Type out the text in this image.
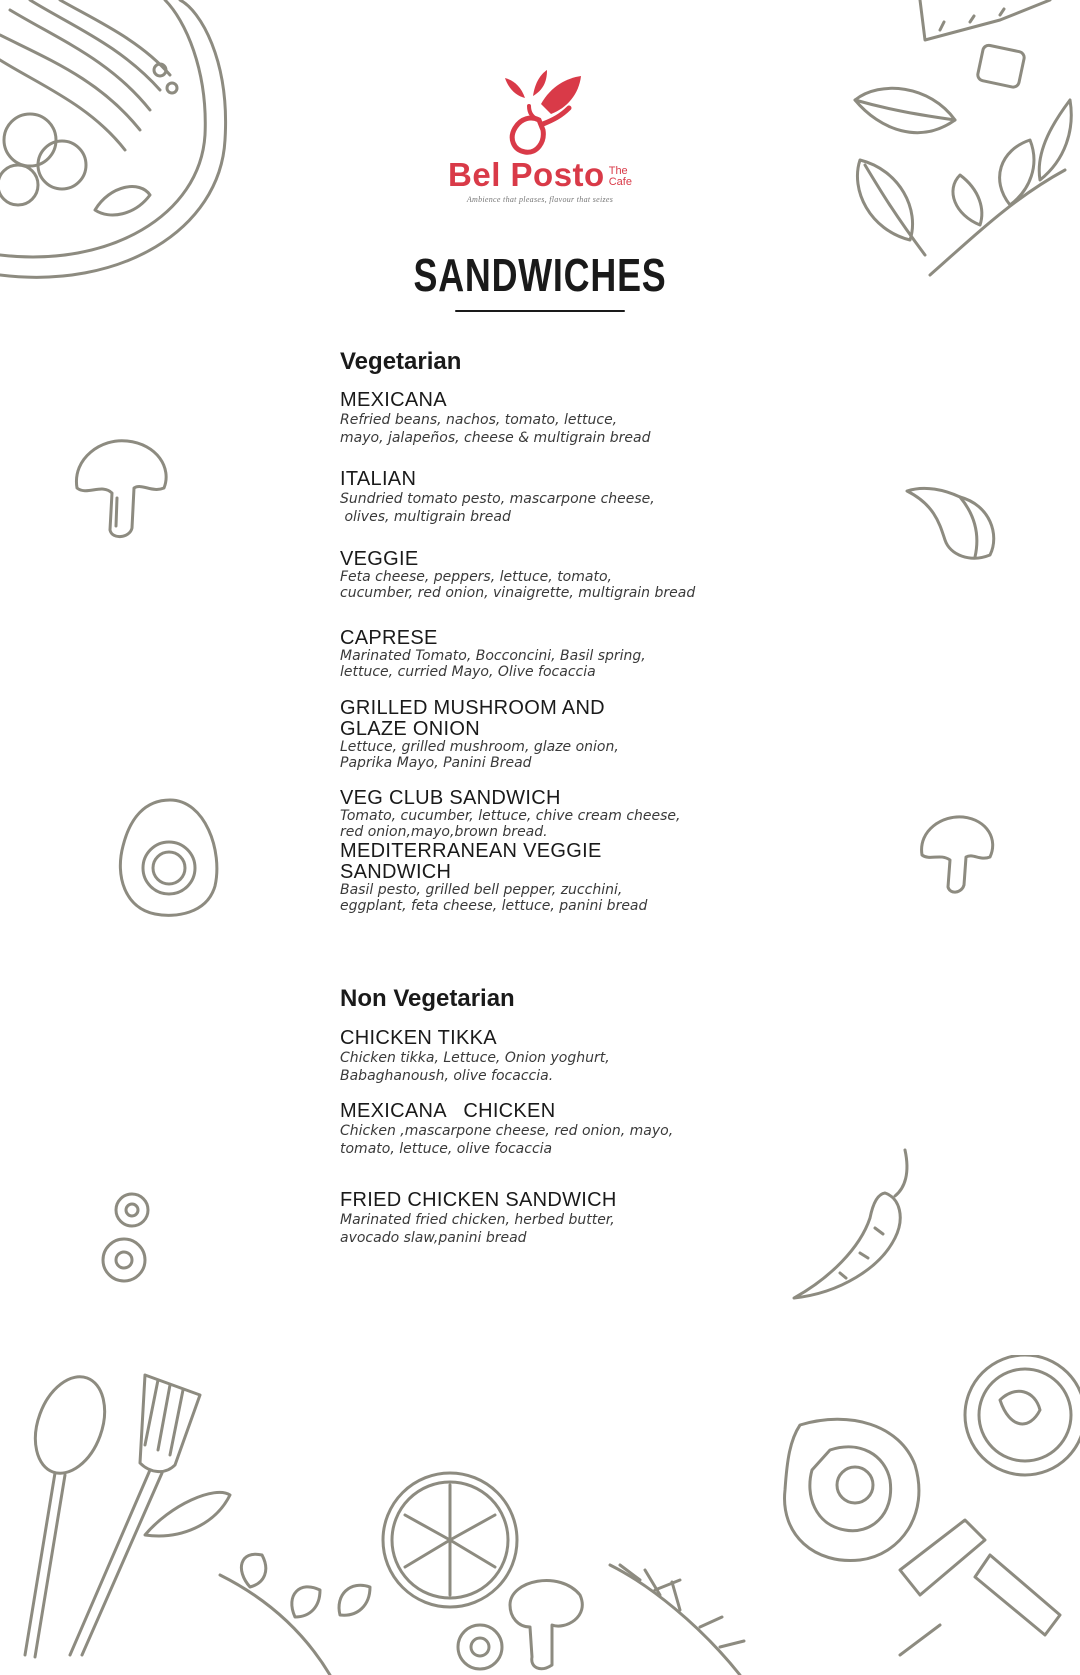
Bel Posto The
Cafe
Ambience that pleases, flavour that seizes
SANDWICHES
Vegetarian
MEXICANA
Refried beans, nachos, tomato, lettuce,
mayo, jalapeños, cheese & multigrain bread
ITALIAN
Sundried tomato pesto, mascarpone cheese,
olives, multigrain bread
VEGGIE
Feta cheese, peppers, lettuce, tomato,
cucumber, red onion, vinaigrette, multigrain bread
CAPRESE
Marinated Tomato, Bocconcini, Basil spring,
lettuce, curried Mayo, Olive focaccia
GRILLED MUSHROOM AND
GLAZE ONION
Lettuce, grilled mushroom, glaze onion,
Paprika Mayo, Panini Bread
VEG CLUB SANDWICH
Tomato, cucumber, lettuce, chive cream cheese,
red onion,mayo,brown bread.
MEDITERRANEAN VEGGIE
SANDWICH
Basil pesto, grilled bell pepper, zucchini,
eggplant, feta cheese, lettuce, panini bread
Non Vegetarian
CHICKEN TIKKA
Chicken tikka, Lettuce, Onion yoghurt,
Babaghanoush, olive focaccia.
MEXICANA   CHICKEN
Chicken ,mascarpone cheese, red onion, mayo,
tomato, lettuce, olive focaccia
FRIED CHICKEN SANDWICH
Marinated fried chicken, herbed butter,
avocado slaw,panini bread
